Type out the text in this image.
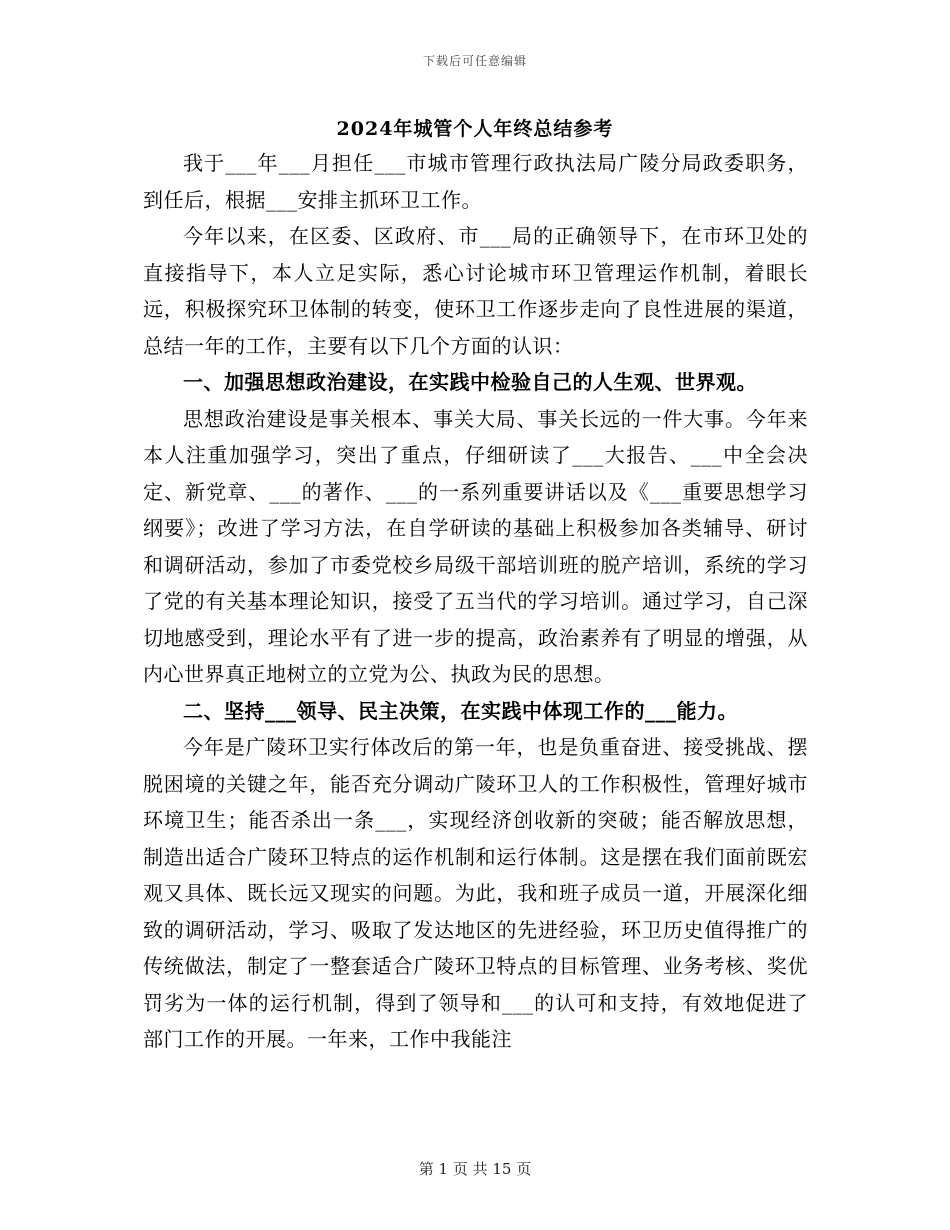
下载后可任意编辑
2024年城管个人年终总结参考

我于___年___月担任___市城市管理行政执法局广陵分局政委职务，到任后，根据___安排主抓环卫工作。

今年以来，在区委、区政府、市___局的正确领导下，在市环卫处的直接指导下，本人立足实际，悉心讨论城市环卫管理运作机制，着眼长远，积极探究环卫体制的转变，使环卫工作逐步走向了良性进展的渠道，总结一年的工作，主要有以下几个方面的认识：

一、加强思想政治建设，在实践中检验自己的人生观、世界观。

思想政治建设是事关根本、事关大局、事关长远的一件大事。今年来本人注重加强学习，突出了重点，仔细研读了___大报告、___中全会决定、新党章、___的著作、___的一系列重要讲话以及《___重要思想学习纲要》；改进了学习方法，在自学研读的基础上积极参加各类辅导、研讨和调研活动，参加了市委党校乡局级干部培训班的脱产培训，系统的学习了党的有关基本理论知识，接受了五当代的学习培训。通过学习，自己深切地感受到，理论水平有了进一步的提高，政治素养有了明显的增强，从内心世界真正地树立的立党为公、执政为民的思想。

二、坚持___领导、民主决策，在实践中体现工作的___能力。

今年是广陵环卫实行体改后的第一年，也是负重奋进、接受挑战、摆脱困境的关键之年，能否充分调动广陵环卫人的工作积极性，管理好城市环境卫生；能否杀出一条___，实现经济创收新的突破；能否解放思想，制造出适合广陵环卫特点的运作机制和运行体制。这是摆在我们面前既宏观又具体、既长远又现实的问题。为此，我和班子成员一道，开展深化细致的调研活动，学习、吸取了发达地区的先进经验，环卫历史值得推广的传统做法，制定了一整套适合广陵环卫特点的目标管理、业务考核、奖优罚劣为一体的运行机制，得到了领导和___的认可和支持，有效地促进了部门工作的开展。一年来，工作中我能注

第 1 页 共 15 页
